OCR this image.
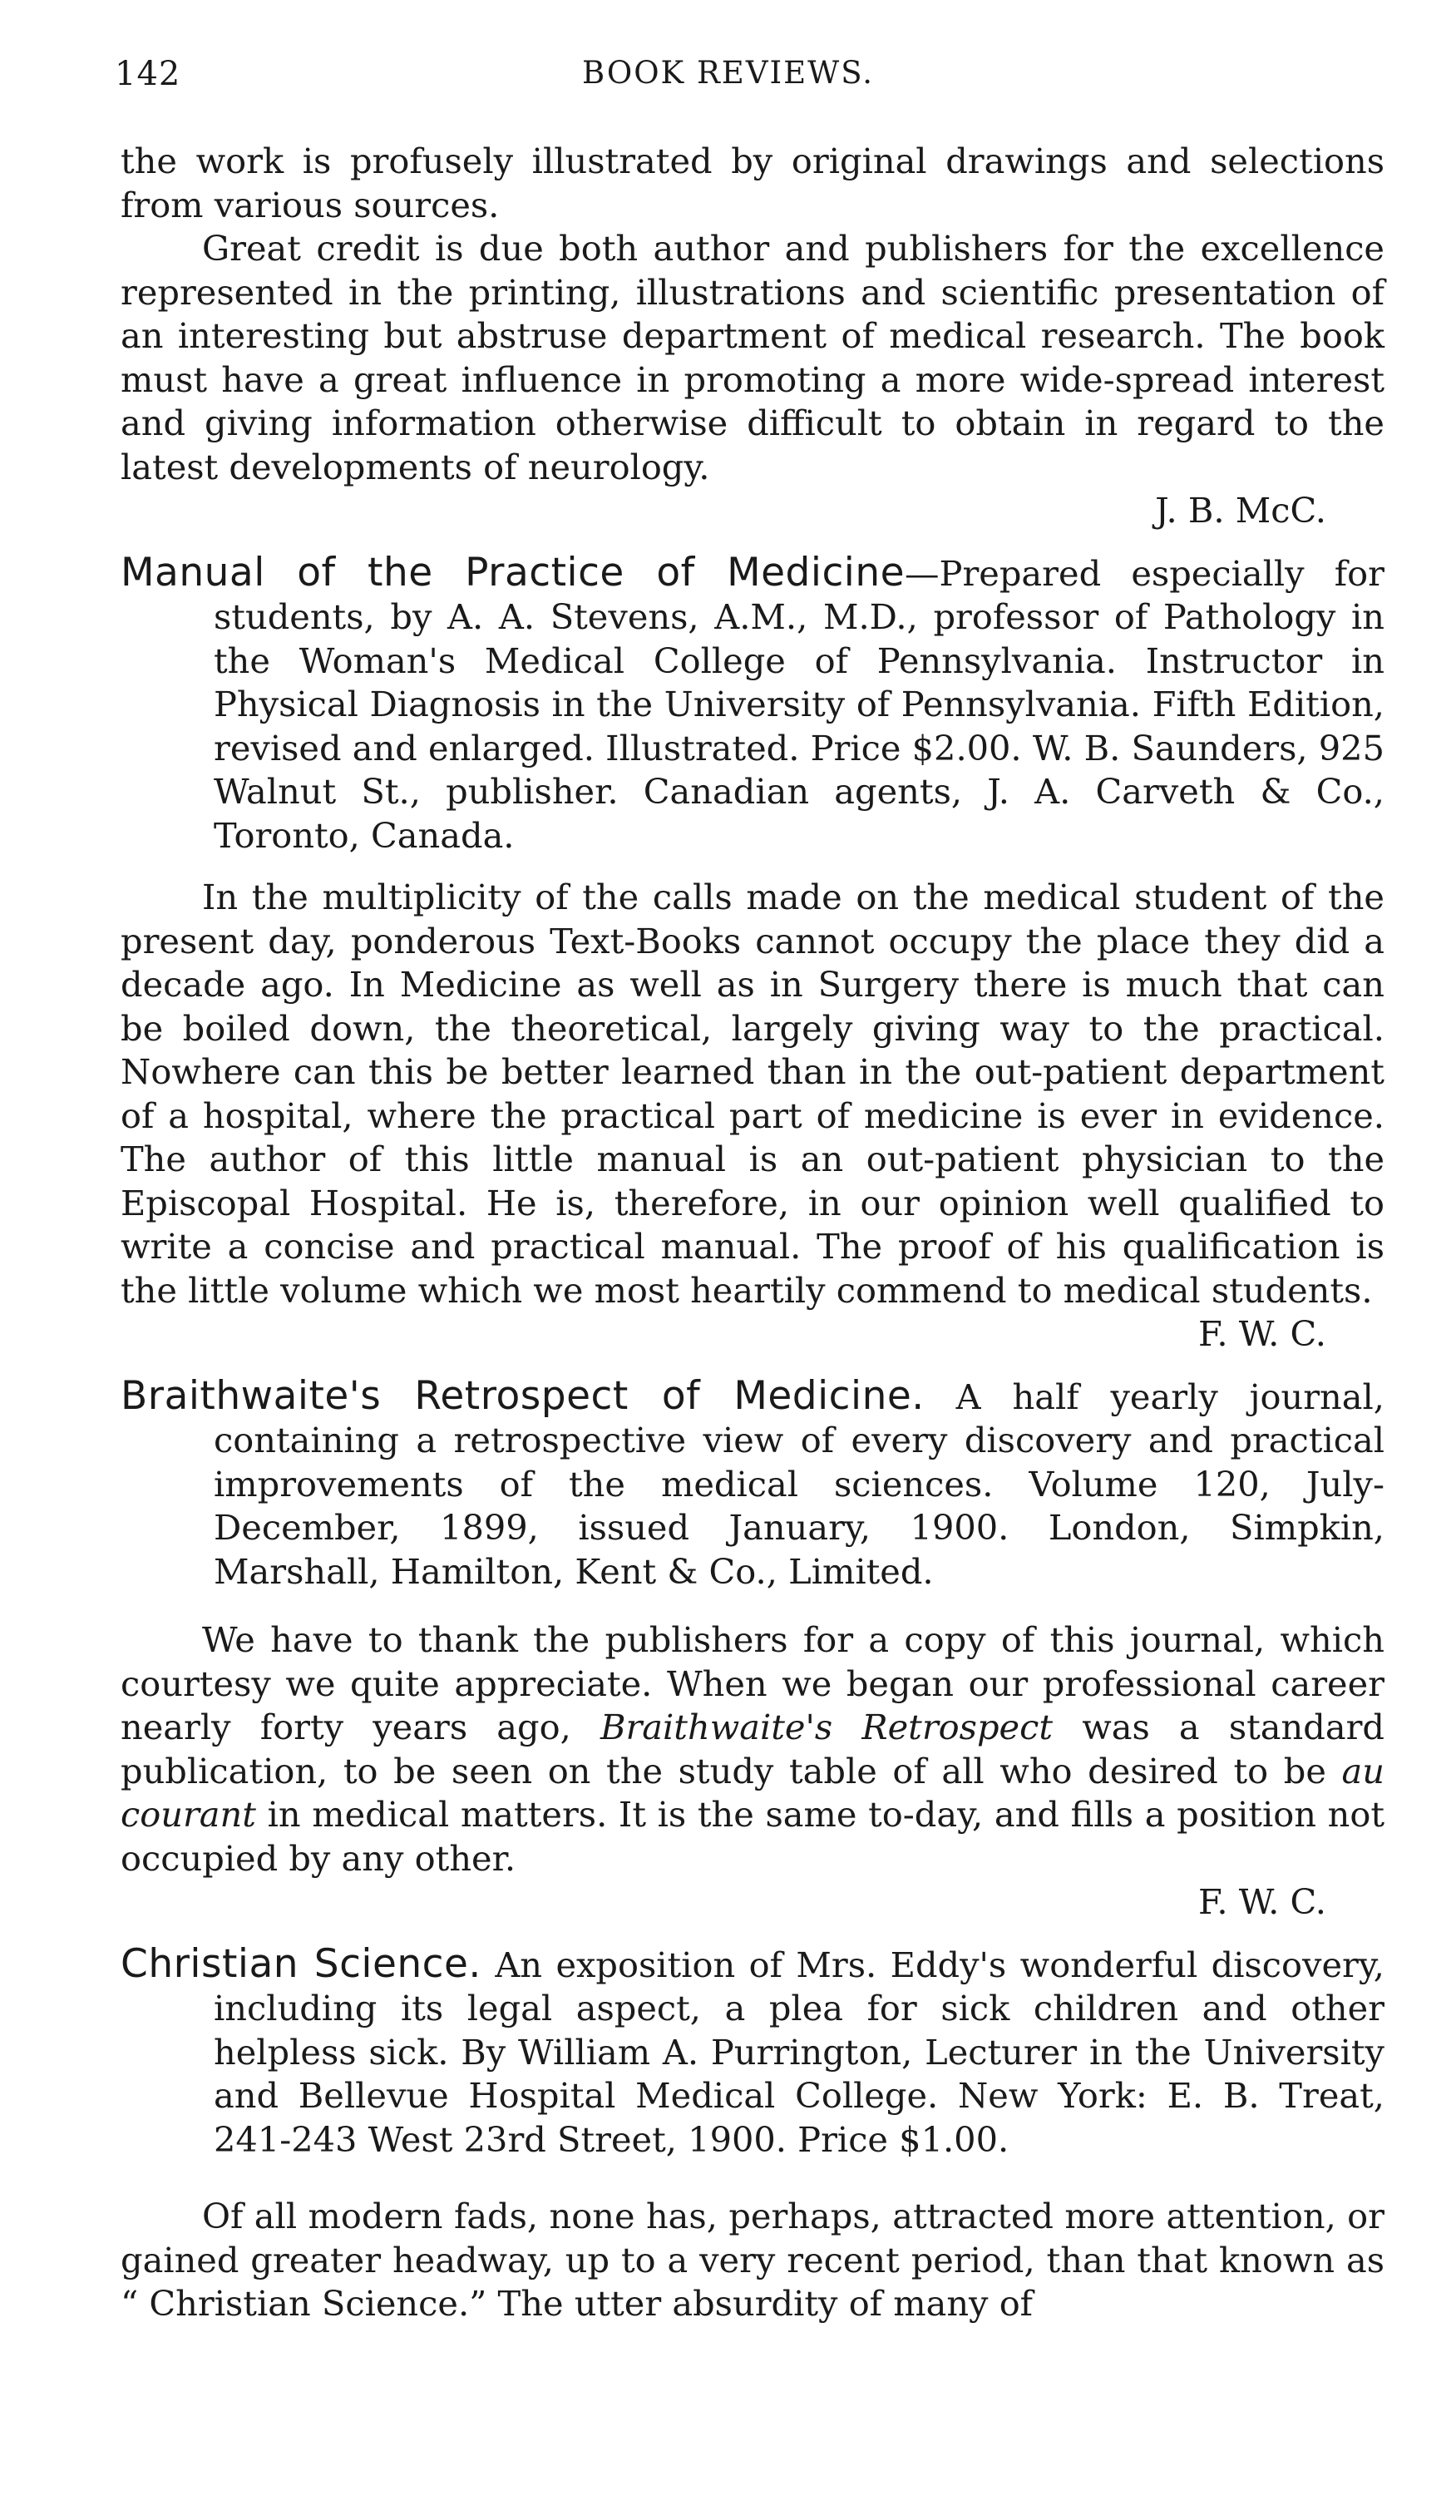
142	BOOK REVIEWS.

the work is profusely illustrated by original drawings and selections from various sources.

Great credit is due both author and publishers for the excellence represented in the printing, illustrations and scientific presentation of an interesting but abstruse department of medical research. The book must have a great influence in promoting a more wide-spread interest and giving information otherwise difficult to obtain in regard to the latest developments of neurology.

J. B. McC.

Manual of the Practice of Medicine—Prepared especially for students, by A. A. Stevens, A.M., M.D., professor of Pathology in the Woman's Medical College of Pennsylvania. Instructor in Physical Diagnosis in the University of Pennsylvania. Fifth Edition, revised and enlarged. Illustrated. Price $2.00. W. B. Saunders, 925 Walnut St., publisher. Canadian agents, J. A. Carveth & Co., Toronto, Canada.

In the multiplicity of the calls made on the medical student of the present day, ponderous Text-Books cannot occupy the place they did a decade ago. In Medicine as well as in Surgery there is much that can be boiled down, the theoretical, largely giving way to the practical. Nowhere can this be better learned than in the out-patient department of a hospital, where the practical part of medicine is ever in evidence. The author of this little manual is an out-patient physician to the Episcopal Hospital. He is, therefore, in our opinion well qualified to write a concise and practical manual. The proof of his qualification is the little volume which we most heartily commend to medical students.

F. W. C.

Braithwaite's Retrospect of Medicine. A half yearly journal, containing a retrospective view of every discovery and practical improvements of the medical sciences. Volume 120, July-December, 1899, issued January, 1900. London, Simpkin, Marshall, Hamilton, Kent & Co., Limited.

We have to thank the publishers for a copy of this journal, which courtesy we quite appreciate. When we began our professional career nearly forty years ago, Braithwaite's Retrospect was a standard publication, to be seen on the study table of all who desired to be au courant in medical matters. It is the same to-day, and fills a position not occupied by any other.

F. W. C.

Christian Science. An exposition of Mrs. Eddy's wonderful discovery, including its legal aspect, a plea for sick children and other helpless sick. By William A. Purrington, Lecturer in the University and Bellevue Hospital Medical College. New York: E. B. Treat, 241-243 West 23rd Street, 1900. Price $1.00.

Of all modern fads, none has, perhaps, attracted more attention, or gained greater headway, up to a very recent period, than that known as “ Christian Science.” The utter absurdity of many of
